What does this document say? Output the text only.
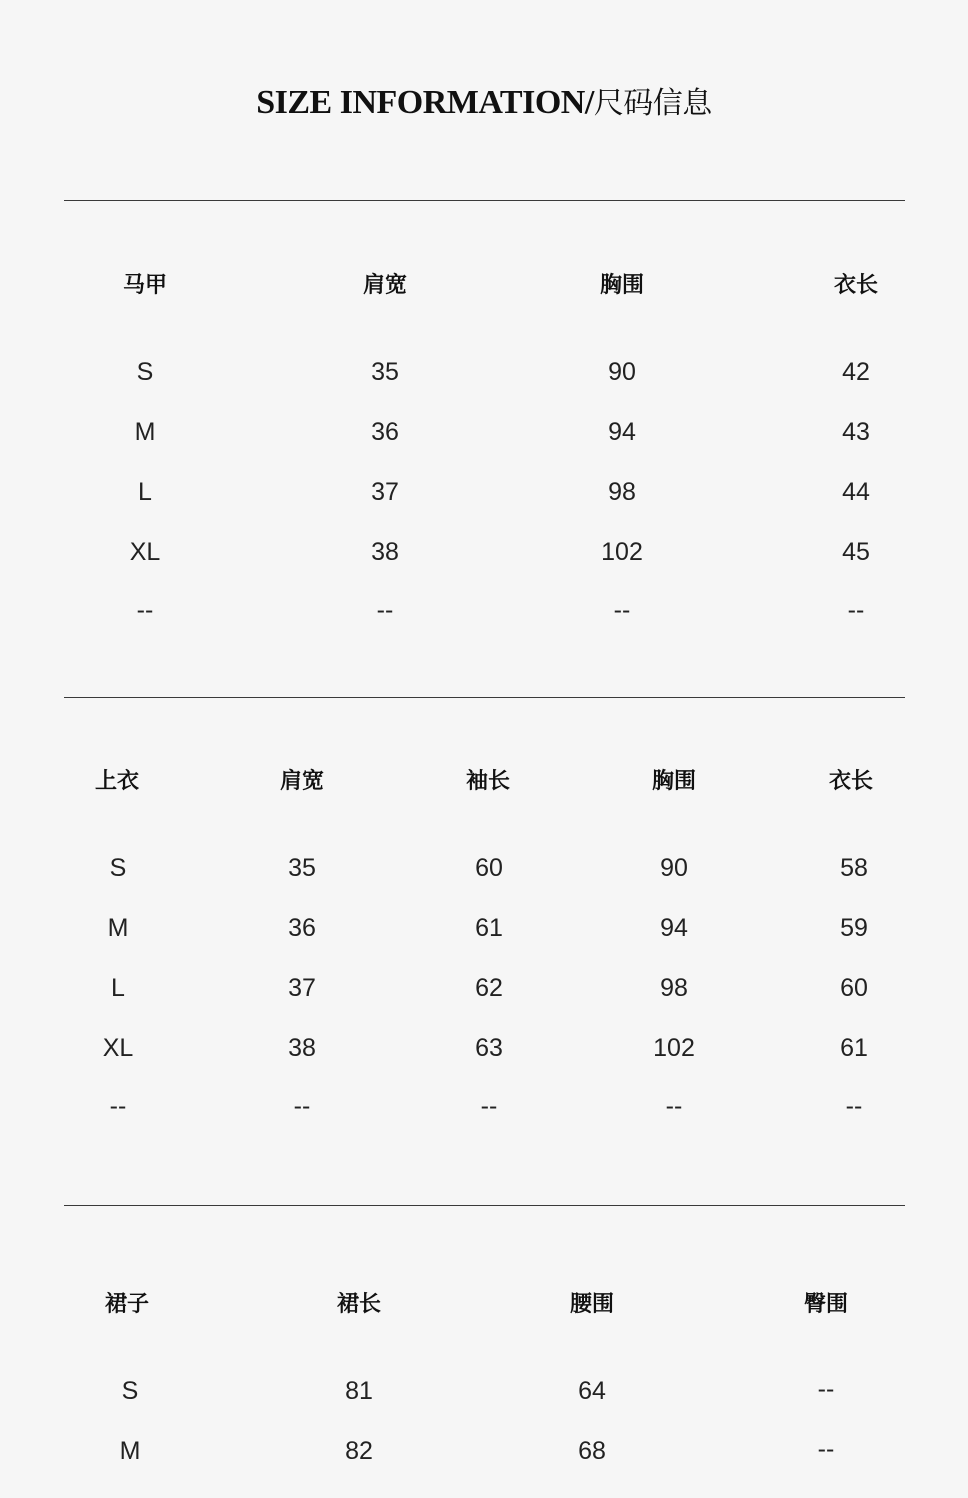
SIZE INFORMATION/尺码信息
马甲	肩宽	胸围	衣长
S	35	90	42
M	36	94	43
L	37	98	44
XL	38	102	45
--	--	--	--
上衣	肩宽	袖长	胸围	衣长
S	35	60	90	58
M	36	61	94	59
L	37	62	98	60
XL	38	63	102	61
--	--	--	--	--
裙子	裙长	腰围	臀围
S	81	64	--
M	82	68	--
